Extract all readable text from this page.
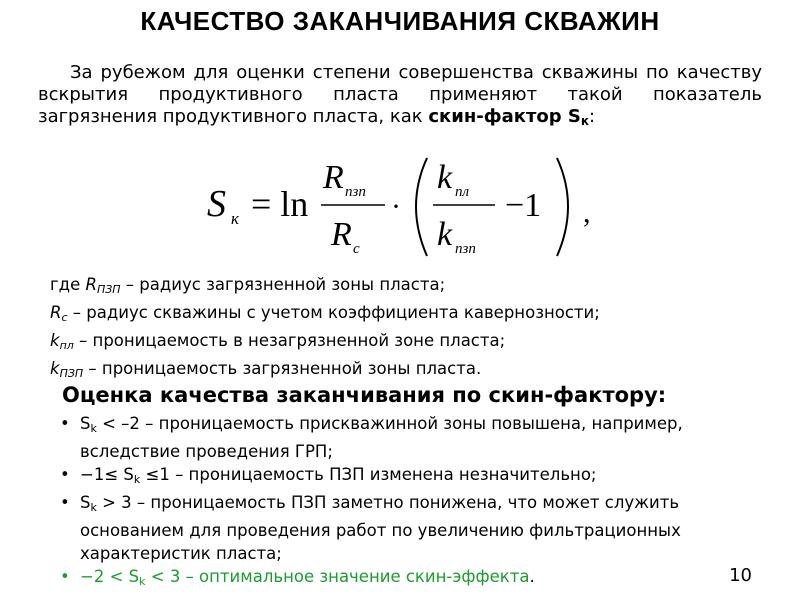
КАЧЕСТВО ЗАКАНЧИВАНИЯ СКВАЖИН
За рубежом для оценки степени совершенства скважины по качеству вскрытия продуктивного пласта применяют такой показатель загрязнения продуктивного пласта, как скин-фактор $S_к$:
S к = ln
R пзп
R с
·
k пл
k пзп
−1 ,
где $R_{ПЗП}$ – радиус загрязненной зоны пласта;
$R_с$ – радиус скважины с учетом коэффициента кавернозности;
$k_{пл}$ – проницаемость в незагрязненной зоне пласта;
$k_{ПЗП}$ – проницаемость загрязненной зоны пласта.
Оценка качества заканчивания по скин-фактору:
• $S_k < -2$ – проницаемость прискважинной зоны повышена, например, вследствие проведения ГРП;
• $-1\le S_k \le 1$ – проницаемость ПЗП изменена незначительно;
• $S_k > 3$ – проницаемость ПЗП заметно понижена, что может служить основанием для проведения работ по увеличению фильтрационных характеристик пласта;
• $-2 < S_k < 3$ – оптимальное значение скин-эффекта.	10
